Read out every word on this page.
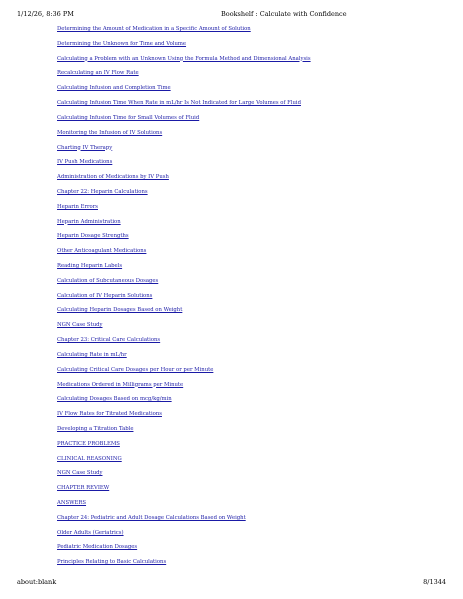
1/12/26, 8:36 PM	Bookshelf : Calculate with Confidence
Determining the Amount of Medication in a Specific Amount of Solution
Determining the Unknown for Time and Volume
Calculating a Problem with an Unknown Using the Formula Method and Dimensional Analysis
Recalculating an IV Flow Rate
Calculating Infusion and Completion Time
Calculating Infusion Time When Rate in mL/hr Is Not Indicated for Large Volumes of Fluid
Calculating Infusion Time for Small Volumes of Fluid
Monitoring the Infusion of IV Solutions
Charting IV Therapy
IV Push Medications
Administration of Medications by IV Push
Chapter 22: Heparin Calculations
Heparin Errors
Heparin Administration
Heparin Dosage Strengths
Other Anticoagulant Medications
Reading Heparin Labels
Calculation of Subcutaneous Dosages
Calculation of IV Heparin Solutions
Calculating Heparin Dosages Based on Weight
NGN Case Study
Chapter 23: Critical Care Calculations
Calculating Rate in mL/hr
Calculating Critical Care Dosages per Hour or per Minute
Medications Ordered in Milligrams per Minute
Calculating Dosages Based on mcg/kg/min
IV Flow Rates for Titrated Medications
Developing a Titration Table
PRACTICE PROBLEMS
CLINICAL REASONING
NGN Case Study
CHAPTER REVIEW
ANSWERS
Chapter 24: Pediatric and Adult Dosage Calculations Based on Weight
Older Adults (Geriatrics)
Pediatric Medication Dosages
Principles Relating to Basic Calculations
about:blank	8/1344
